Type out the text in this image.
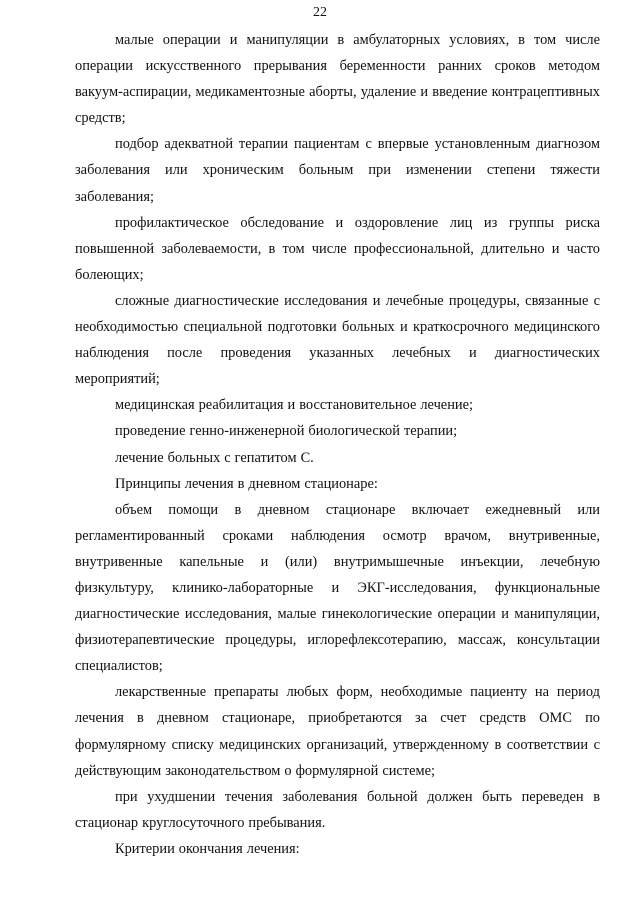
22

малые операции и манипуляции в амбулаторных условиях, в том числе операции искусственного прерывания беременности ранних сроков методом вакуум-аспирации, медикаментозные аборты, удаление и введение контрацептивных средств;

подбор адекватной терапии пациентам с впервые установленным диагнозом заболевания или хроническим больным при изменении степени тяжести заболевания;

профилактическое обследование и оздоровление лиц из группы риска повышенной заболеваемости, в том числе профессиональной, длительно и часто болеющих;

сложные диагностические исследования и лечебные процедуры, связанные с необходимостью специальной подготовки больных и краткосрочного медицинского наблюдения после проведения указанных лечебных и диагностических мероприятий;

медицинская реабилитация и восстановительное лечение;

проведение генно-инженерной биологической терапии;

лечение больных с гепатитом С.

Принципы лечения в дневном стационаре:

объем помощи в дневном стационаре включает ежедневный или регламентированный сроками наблюдения осмотр врачом, внутривенные, внутривенные капельные и (или) внутримышечные инъекции, лечебную физкультуру, клинико-лабораторные и ЭКГ-исследования, функциональные диагностические исследования, малые гинекологические операции и манипуляции, физиотерапевтические процедуры, иглорефлексотерапию, массаж, консультации специалистов;

лекарственные препараты любых форм, необходимые пациенту на период лечения в дневном стационаре, приобретаются за счет средств ОМС по формулярному списку медицинских организаций, утвержденному в соответствии с действующим законодательством о формулярной системе;

при ухудшении течения заболевания больной должен быть переведен в стационар круглосуточного пребывания.

Критерии окончания лечения:
